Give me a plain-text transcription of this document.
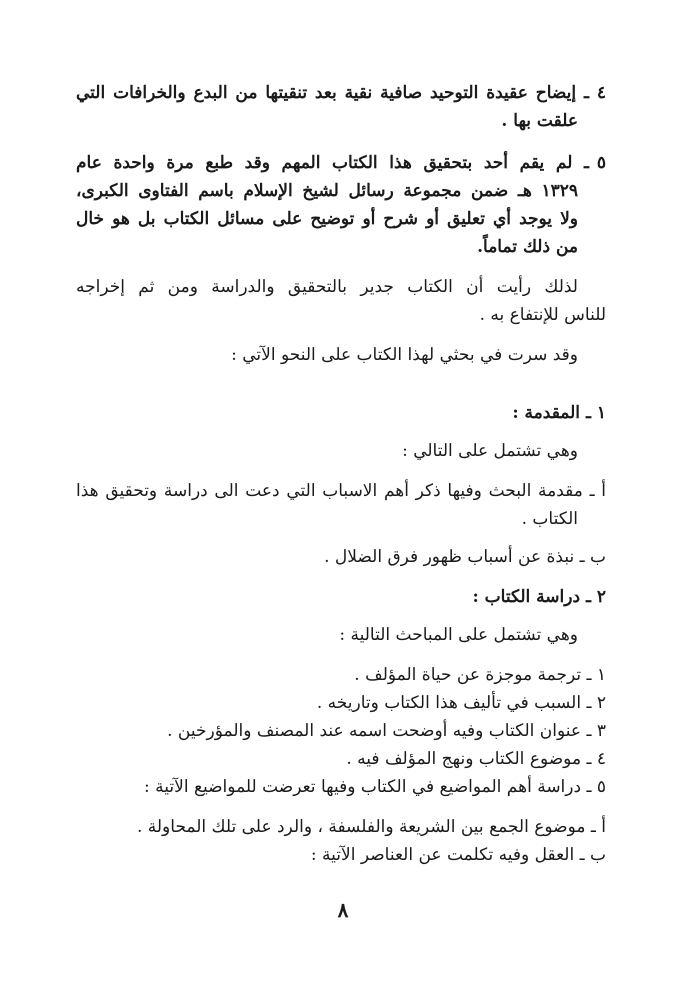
٤ ـ إيضاح عقيدة التوحيد صافية نقية بعد تنقيتها من البدع والخرافات التي
علقت بها .
٥ ـ لم يقم أحد بتحقيق هذا الكتاب المهم وقد طبع مرة واحدة عام
١٣٢٩ هـ ضمن مجموعة رسائل لشيخ الإسلام باسم الفتاوى الكبرى،
ولا يوجد أي تعليق أو شرح أو توضيح على مسائل الكتاب بل هو خال
من ذلك تماماً.
لذلك رأيت أن الكتاب جدير بالتحقيق والدراسة ومن ثم إخراجه
للناس للإنتفاع به .
وقد سرت في بحثي لهذا الكتاب على النحو الآتي :
١ ـ المقدمة :
وهي تشتمل على التالي :
أ ـ مقدمة البحث وفيها ذكر أهم الاسباب التي دعت الى دراسة وتحقيق هذا
الكتاب .
ب ـ نبذة عن أسباب ظهور فرق الضلال .
٢ ـ دراسة الكتاب :
وهي تشتمل على المباحث التالية :
١ ـ ترجمة موجزة عن حياة المؤلف .
٢ ـ السبب في تأليف هذا الكتاب وتاريخه .
٣ ـ عنوان الكتاب وفيه أوضحت اسمه عند المصنف والمؤرخين .
٤ ـ موضوع الكتاب ونهج المؤلف فيه .
٥ ـ دراسة أهم المواضيع في الكتاب وفيها تعرضت للمواضيع الآتية :
أ ـ موضوع الجمع بين الشريعة والفلسفة ، والرد على تلك المحاولة .
ب ـ العقل وفيه تكلمت عن العناصر الآتية :
٨
